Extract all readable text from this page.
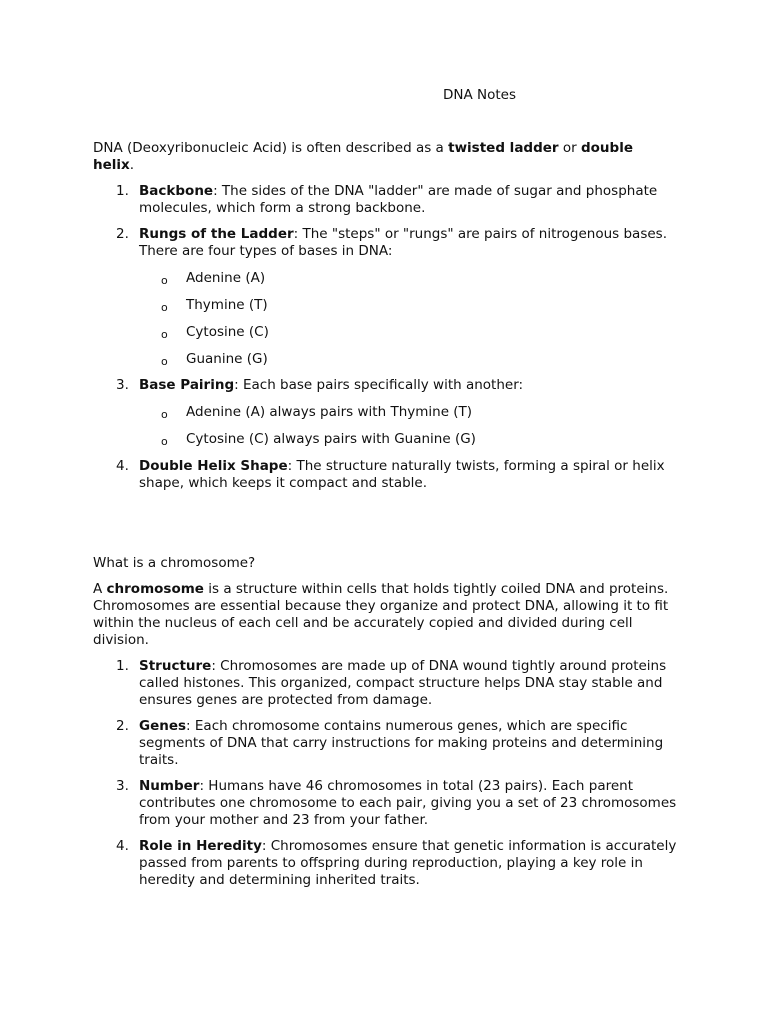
DNA Notes
DNA (Deoxyribonucleic Acid) is often described as a twisted ladder or double helix.
1. Backbone: The sides of the DNA "ladder" are made of sugar and phosphate molecules, which form a strong backbone.
2. Rungs of the Ladder: The "steps" or "rungs" are pairs of nitrogenous bases. There are four types of bases in DNA:
o Adenine (A)
o Thymine (T)
o Cytosine (C)
o Guanine (G)
3. Base Pairing: Each base pairs specifically with another:
o Adenine (A) always pairs with Thymine (T)
o Cytosine (C) always pairs with Guanine (G)
4. Double Helix Shape: The structure naturally twists, forming a spiral or helix shape, which keeps it compact and stable.
What is a chromosome?
A chromosome is a structure within cells that holds tightly coiled DNA and proteins. Chromosomes are essential because they organize and protect DNA, allowing it to fit within the nucleus of each cell and be accurately copied and divided during cell division.
1. Structure: Chromosomes are made up of DNA wound tightly around proteins called histones. This organized, compact structure helps DNA stay stable and ensures genes are protected from damage.
2. Genes: Each chromosome contains numerous genes, which are specific segments of DNA that carry instructions for making proteins and determining traits.
3. Number: Humans have 46 chromosomes in total (23 pairs). Each parent contributes one chromosome to each pair, giving you a set of 23 chromosomes from your mother and 23 from your father.
4. Role in Heredity: Chromosomes ensure that genetic information is accurately passed from parents to offspring during reproduction, playing a key role in heredity and determining inherited traits.
